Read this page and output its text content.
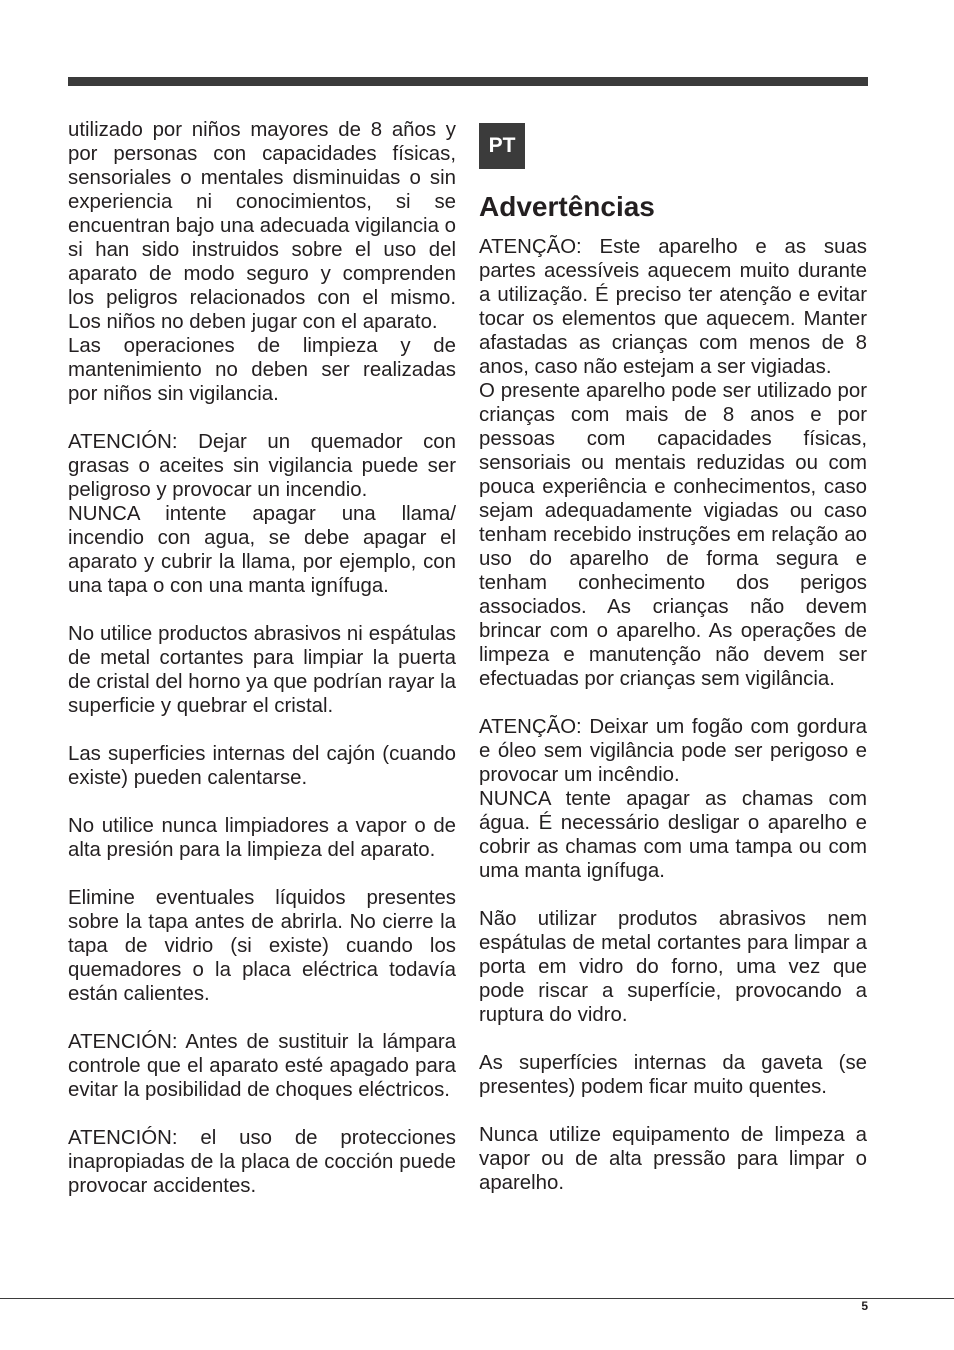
utilizado por niños mayores de 8 años y por personas con capacidades físicas, sensoriales o mentales disminuidas o sin experiencia ni conocimientos, si se encuentran bajo una adecuada vigilancia o si han sido instruidos sobre el uso del aparato de modo seguro y comprenden los peligros relacionados con el mismo. Los niños no deben jugar con el aparato.

Las operaciones de limpieza y de mantenimiento no deben ser realizadas por niños sin vigilancia.

ATENCIÓN: Dejar un quemador con grasas o aceites sin vigilancia puede ser peligroso y provocar un incendio.

NUNCA intente apagar una llama/ incendio con agua, se debe apagar el aparato y cubrir la llama, por ejemplo, con una tapa o con una manta ignífuga.

No utilice productos abrasivos ni espátulas de metal cortantes para limpiar la puerta de cristal del horno ya que podrían rayar la superficie y quebrar el cristal.

Las superficies internas del cajón (cuando existe) pueden calentarse.

No utilice nunca limpiadores a vapor o de alta presión para la limpieza del aparato.

Elimine eventuales líquidos presentes sobre la tapa antes de abrirla. No cierre la tapa de vidrio (si existe) cuando los quemadores o la placa eléctrica todavía están calientes.

ATENCIÓN: Antes de sustituir la lámpara controle que el aparato esté apagado para evitar la posibilidad de choques eléctricos.

ATENCIÓN: el uso de protecciones inapropiadas de la placa de cocción puede provocar accidentes.

PT
Advertências

ATENÇÃO: Este aparelho e as suas partes acessíveis aquecem muito durante a utilização. É preciso ter atenção e evitar tocar os elementos que aquecem. Manter afastadas as crianças com menos de 8 anos, caso não estejam a ser vigiadas.

O presente aparelho pode ser utilizado por crianças com mais de 8 anos e por pessoas com capacidades físicas, sensoriais ou mentais reduzidas ou com pouca experiência e conhecimentos, caso sejam adequadamente vigiadas ou caso tenham recebido instruções em relação ao uso do aparelho de forma segura e tenham conhecimento dos perigos associados. As crianças não devem brincar com o aparelho. As operações de limpeza e manutenção não devem ser efectuadas por crianças sem vigilância.

ATENÇÃO: Deixar um fogão com gordura e óleo sem vigilância pode ser perigoso e provocar um incêndio.

NUNCA tente apagar as chamas com água. É necessário desligar o aparelho e cobrir as chamas com uma tampa ou com uma manta ignífuga.

Não utilizar produtos abrasivos nem espátulas de metal cortantes para limpar a porta em vidro do forno, uma vez que pode riscar a superfície, provocando a ruptura do vidro.

As superfícies internas da gaveta (se presentes) podem ficar muito quentes.

Nunca utilize equipamento de limpeza a vapor ou de alta pressão para limpar o aparelho.

5
